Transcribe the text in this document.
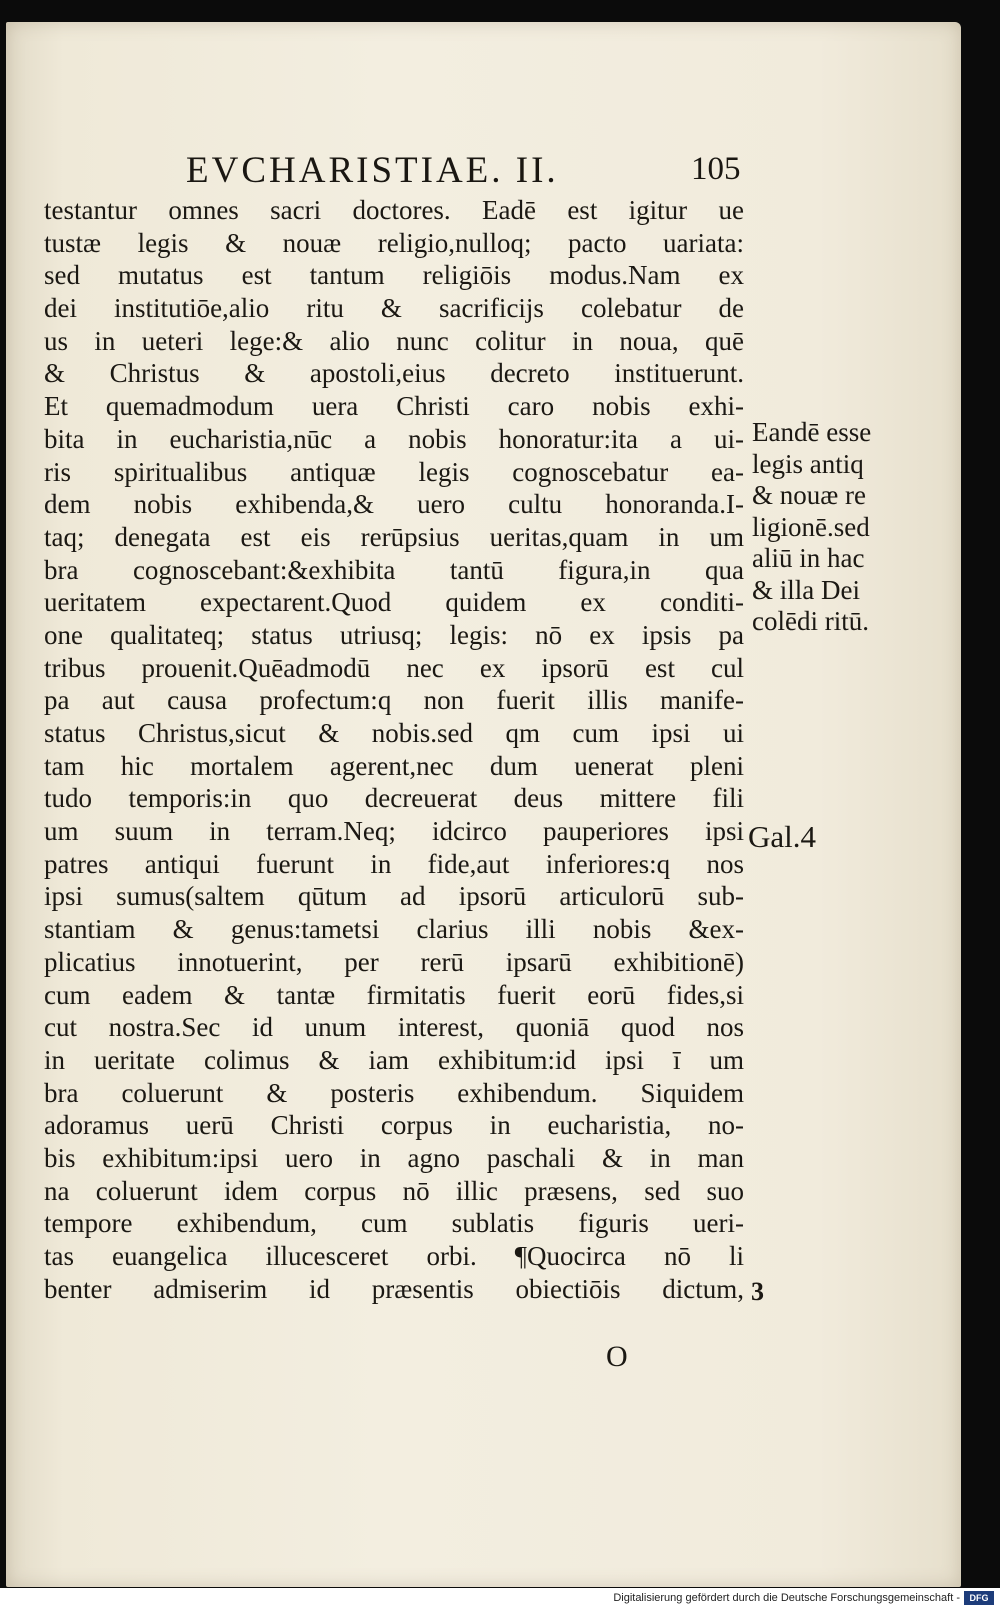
EVCHARISTIAE. II.	105
testantur omnes sacri doctores. Eadē est igitur ue
tustæ legis & nouæ religio,nulloq; pacto uariata:
sed mutatus est tantum religiōis modus.Nam ex
dei institutiōe,alio ritu & sacrificijs colebatur de
us in ueteri lege:& alio nunc colitur in noua, quē
& Christus & apostoli,eius decreto instituerunt.
Et quemadmodum uera Christi caro nobis exhi-
bita in eucharistia,nūc a nobis honoratur:ita a ui-
ris spiritualibus antiquæ legis cognoscebatur ea-
dem nobis exhibenda,& uero cultu honoranda.I-
taq; denegata est eis rerūpsius ueritas,quam in um
bra cognoscebant:&exhibita tantū figura,in qua
ueritatem expectarent.Quod quidem ex conditi-
one qualitateq; status utriusq; legis: nō ex ipsis pa
tribus prouenit.Quēadmodū nec ex ipsorū est cul
pa aut causa profectum:q non fuerit illis manife-
status Christus,sicut & nobis.sed qm cum ipsi ui
tam hic mortalem agerent,nec dum uenerat pleni
tudo temporis:in quo decreuerat deus mittere fili
um suum in terram.Neq; idcirco pauperiores ipsi
patres antiqui fuerunt in fide,aut inferiores:q nos
ipsi sumus(saltem qūtum ad ipsorū articulorū sub-
stantiam & genus:tametsi clarius illi nobis &ex-
plicatius innotuerint, per rerū ipsarū exhibitionē)
cum eadem & tantæ firmitatis fuerit eorū fides,si
cut nostra.Sec id unum interest, quoniā quod nos
in ueritate colimus & iam exhibitum:id ipsi ī um
bra coluerunt & posteris exhibendum. Siquidem
adoramus uerū Christi corpus in eucharistia, no-
bis exhibitum:ipsi uero in agno paschali & in man
na coluerunt idem corpus nō illic præsens, sed suo
tempore exhibendum, cum sublatis figuris ueri-
tas euangelica illucesceret orbi. ¶Quocirca nō li
benter admiserim id præsentis obiectiōis dictum,
Eandē esse
legis antiq
& nouæ re
ligionē.sed
aliū in hac
& illa Dei
colēdi ritū.
Gal.4
3
O
Digitalisierung gefördert durch die Deutsche Forschungsgemeinschaft -	DFG
